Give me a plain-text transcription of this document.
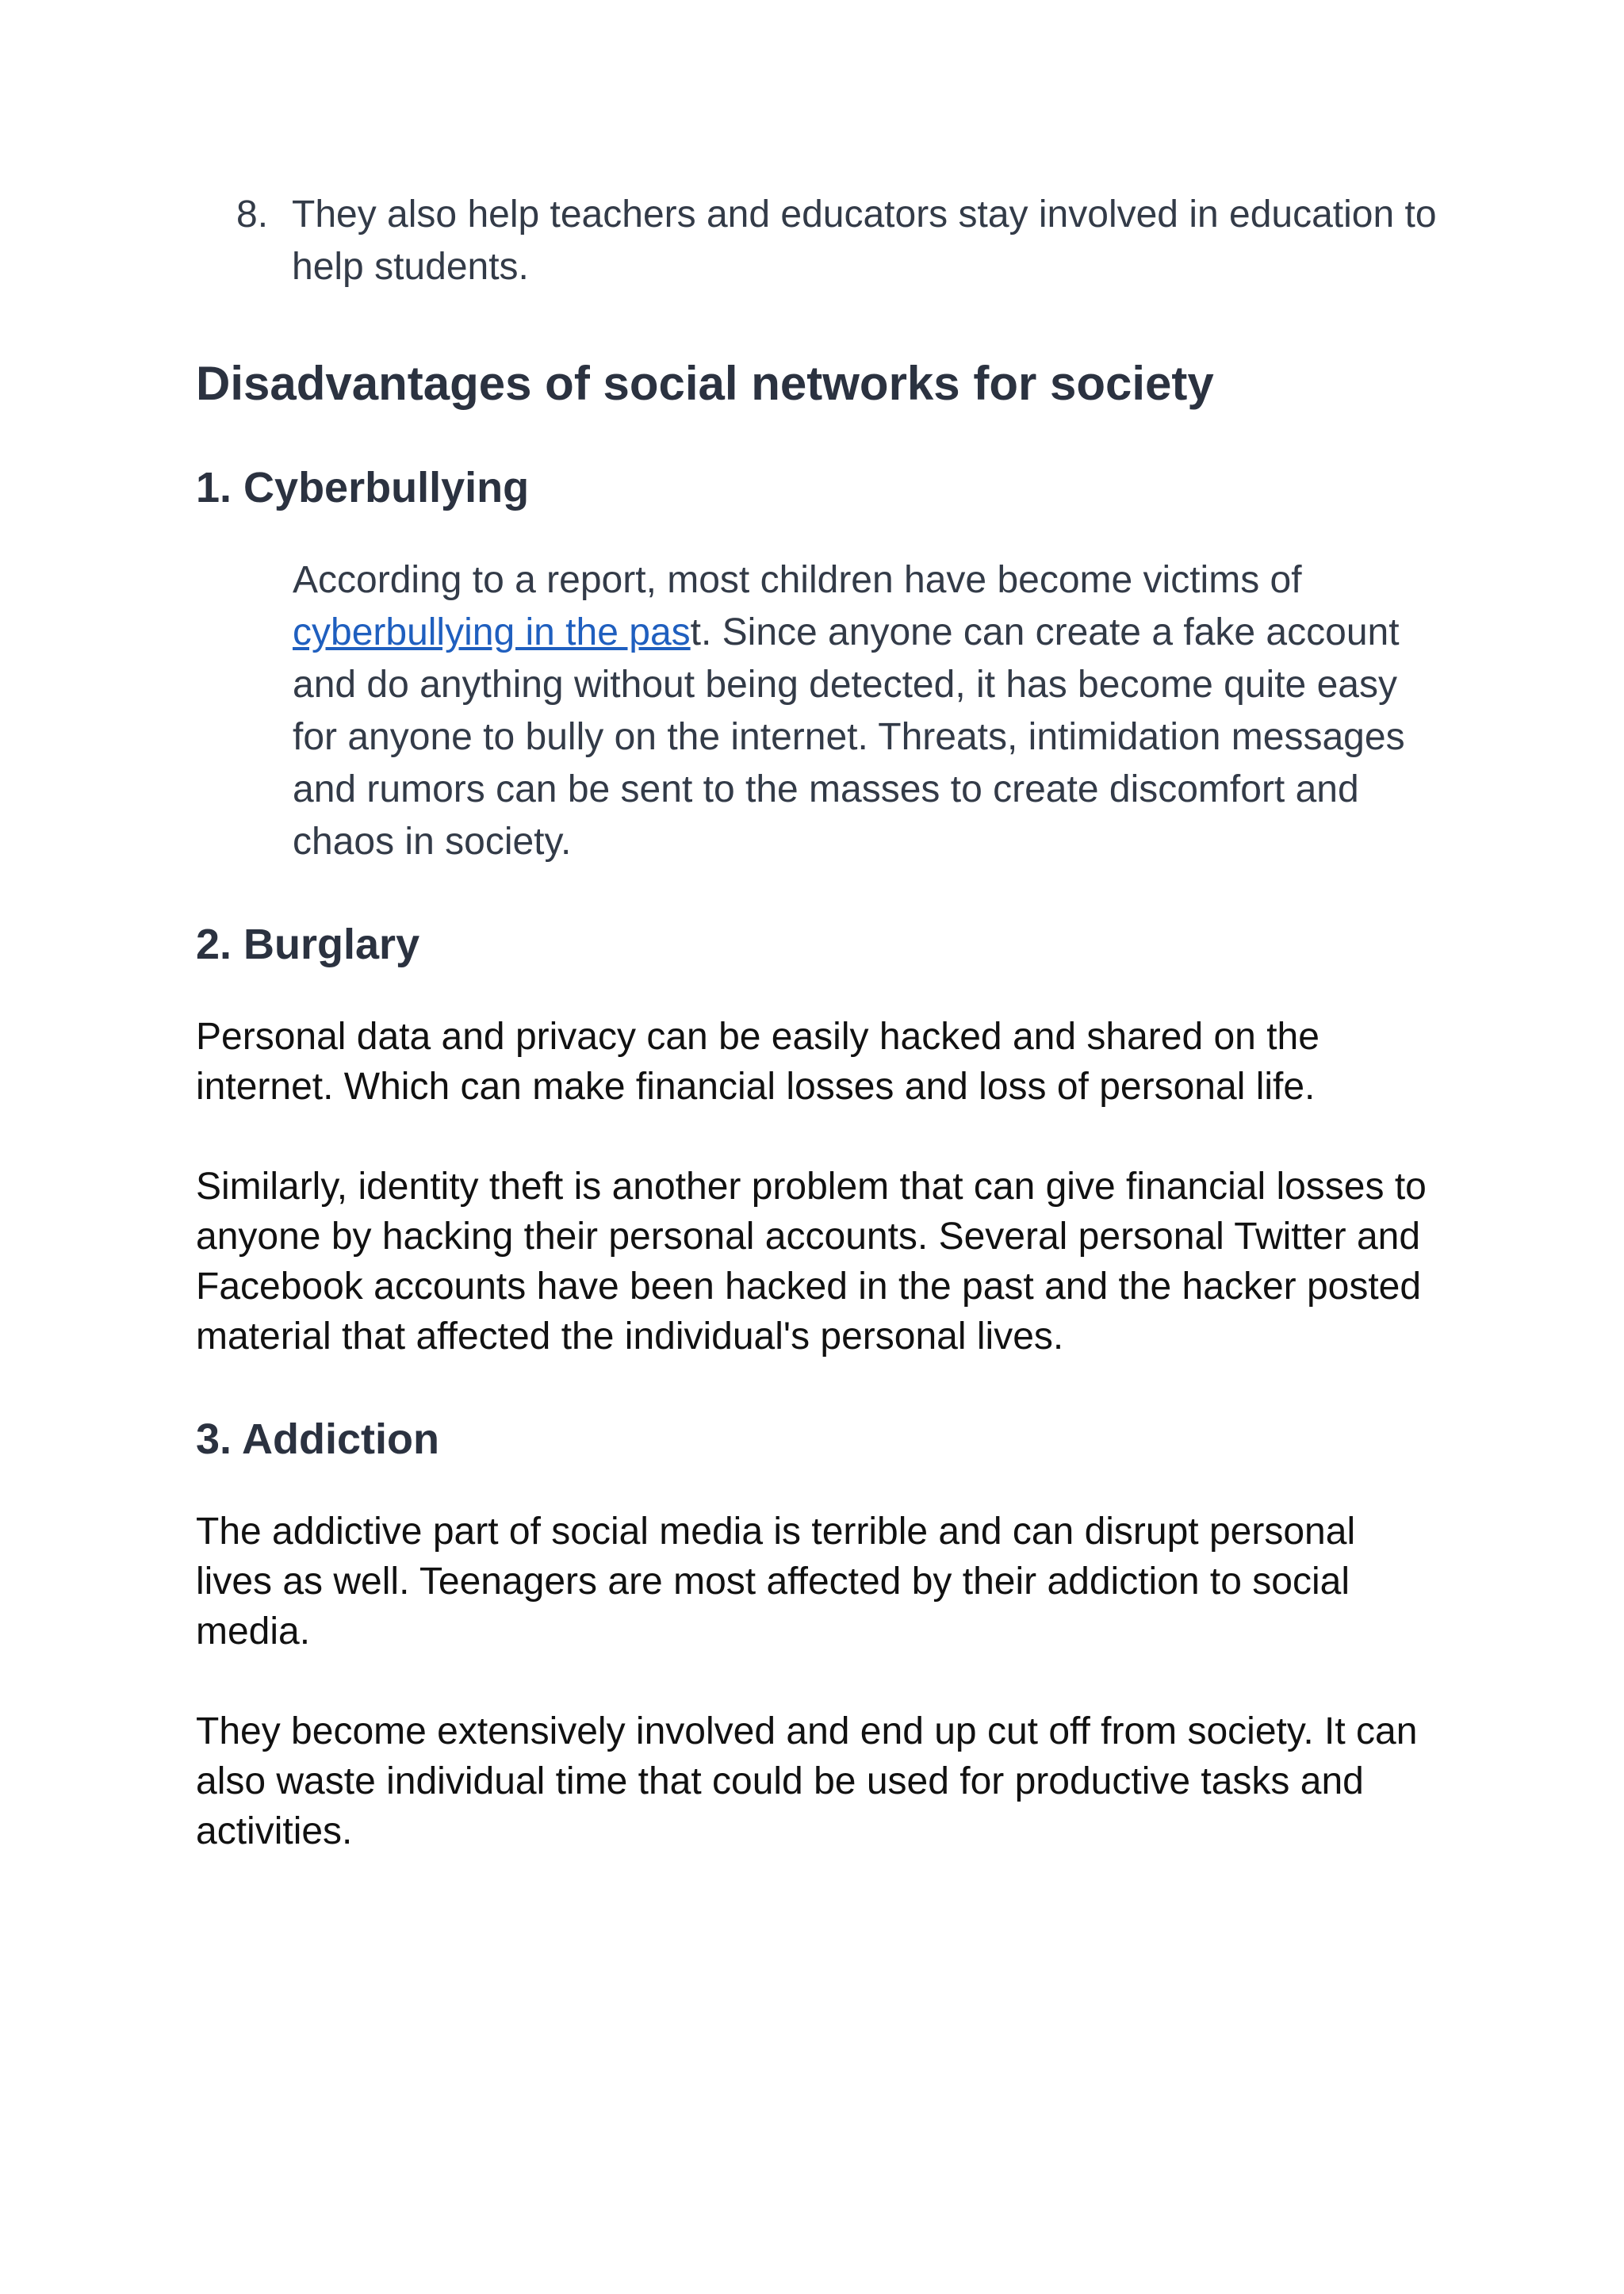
8. They also help teachers and educators stay involved in education to help students.
Disadvantages of social networks for society
1. Cyberbullying

According to a report, most children have become victims of cyberbullying in the past. Since anyone can create a fake account and do anything without being detected, it has become quite easy for anyone to bully on the internet. Threats, intimidation messages and rumors can be sent to the masses to create discomfort and chaos in society.

2. Burglary

Personal data and privacy can be easily hacked and shared on the internet. Which can make financial losses and loss of personal life.

Similarly, identity theft is another problem that can give financial losses to anyone by hacking their personal accounts. Several personal Twitter and Facebook accounts have been hacked in the past and the hacker posted material that affected the individual's personal lives.

3. Addiction

The addictive part of social media is terrible and can disrupt personal lives as well. Teenagers are most affected by their addiction to social media.

They become extensively involved and end up cut off from society. It can also waste individual time that could be used for productive tasks and activities.
